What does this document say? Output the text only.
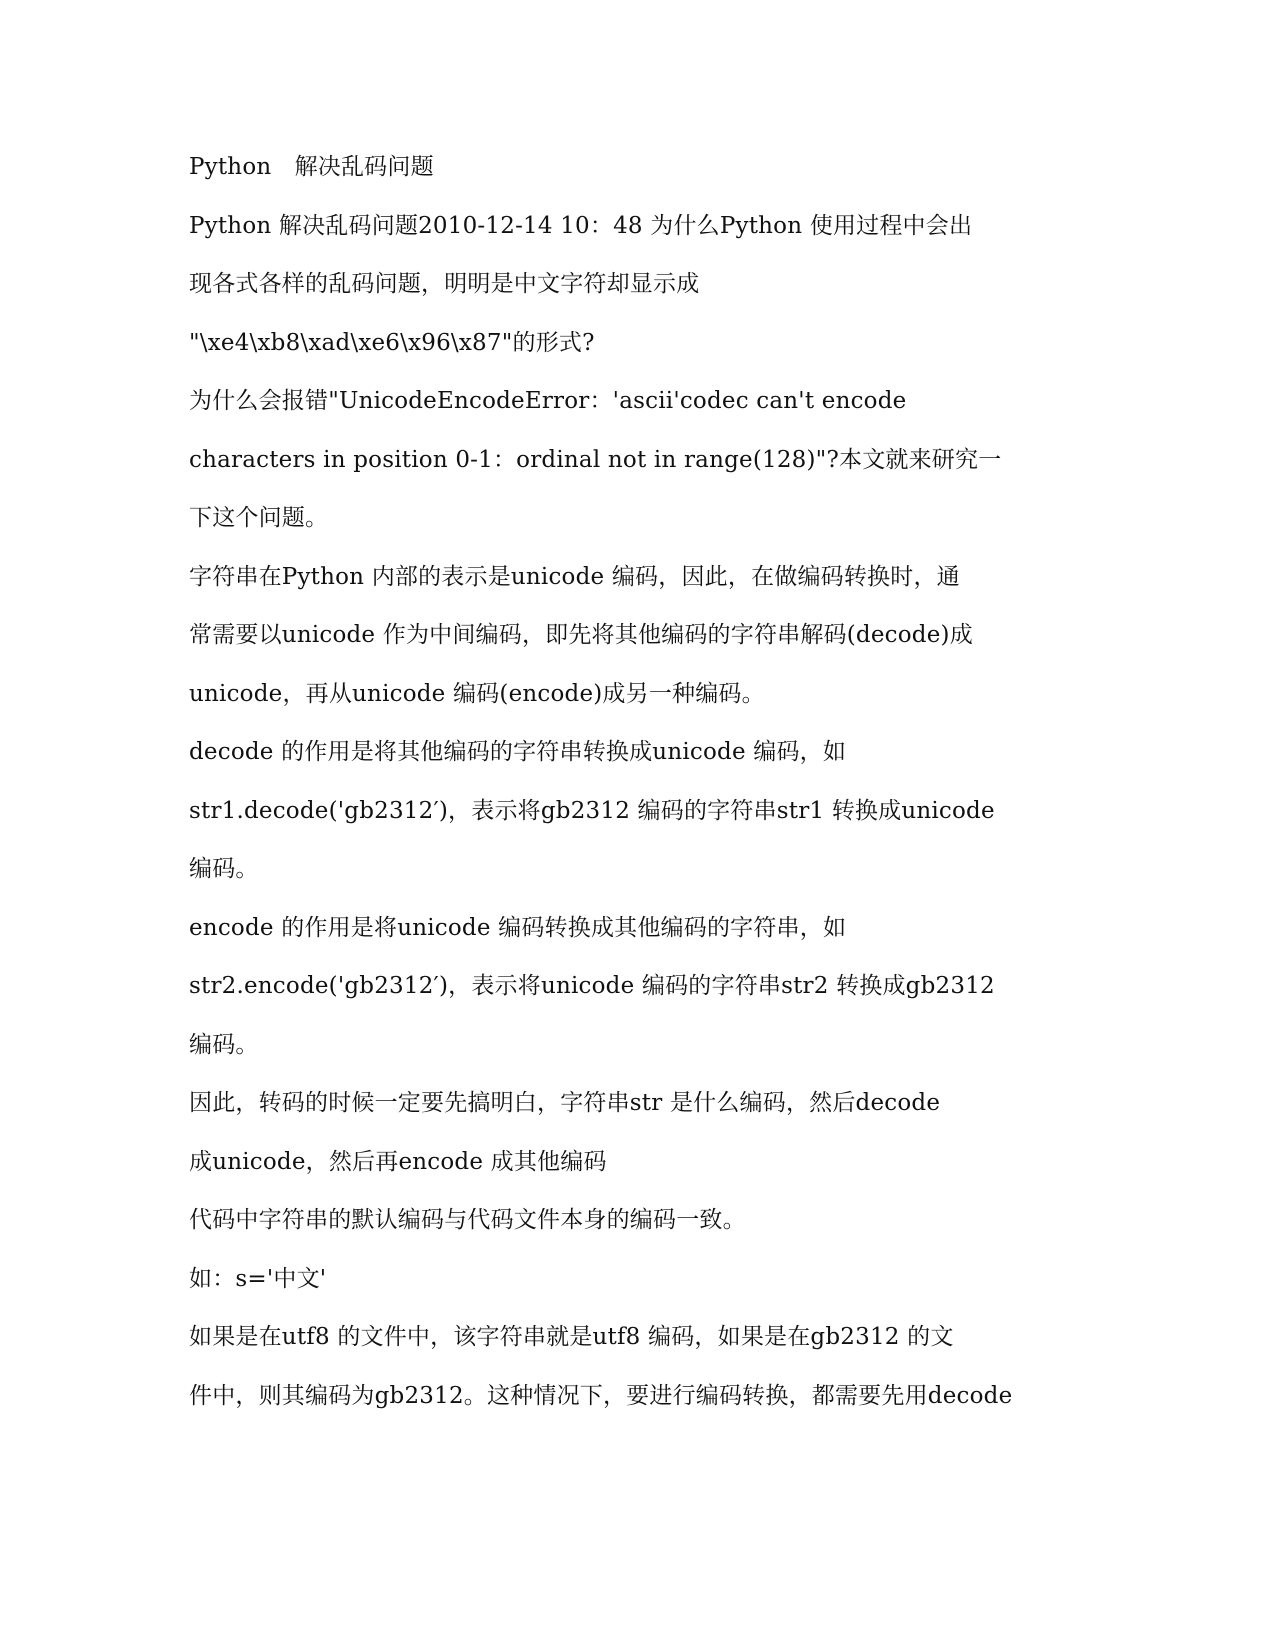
Python　解决乱码问题
Python 解决乱码问题2010-12-14 10：48 为什么Python 使用过程中会出
现各式各样的乱码问题，明明是中文字符却显示成
"\xe4\xb8\xad\xe6\x96\x87"的形式?
为什么会报错"UnicodeEncodeError：'ascii'codec can't encode
characters in position 0-1：ordinal not in range(128)"?本文就来研究一
下这个问题。
字符串在Python 内部的表示是unicode 编码，因此，在做编码转换时，通
常需要以unicode 作为中间编码，即先将其他编码的字符串解码(decode)成
unicode，再从unicode 编码(encode)成另一种编码。
decode 的作用是将其他编码的字符串转换成unicode 编码，如
str1.decode('gb2312′)，表示将gb2312 编码的字符串str1 转换成unicode
编码。
encode 的作用是将unicode 编码转换成其他编码的字符串，如
str2.encode('gb2312′)，表示将unicode 编码的字符串str2 转换成gb2312
编码。
因此，转码的时候一定要先搞明白，字符串str 是什么编码，然后decode
成unicode，然后再encode 成其他编码
代码中字符串的默认编码与代码文件本身的编码一致。
如：s='中文'
如果是在utf8 的文件中，该字符串就是utf8 编码，如果是在gb2312 的文
件中，则其编码为gb2312。这种情况下，要进行编码转换，都需要先用decode
